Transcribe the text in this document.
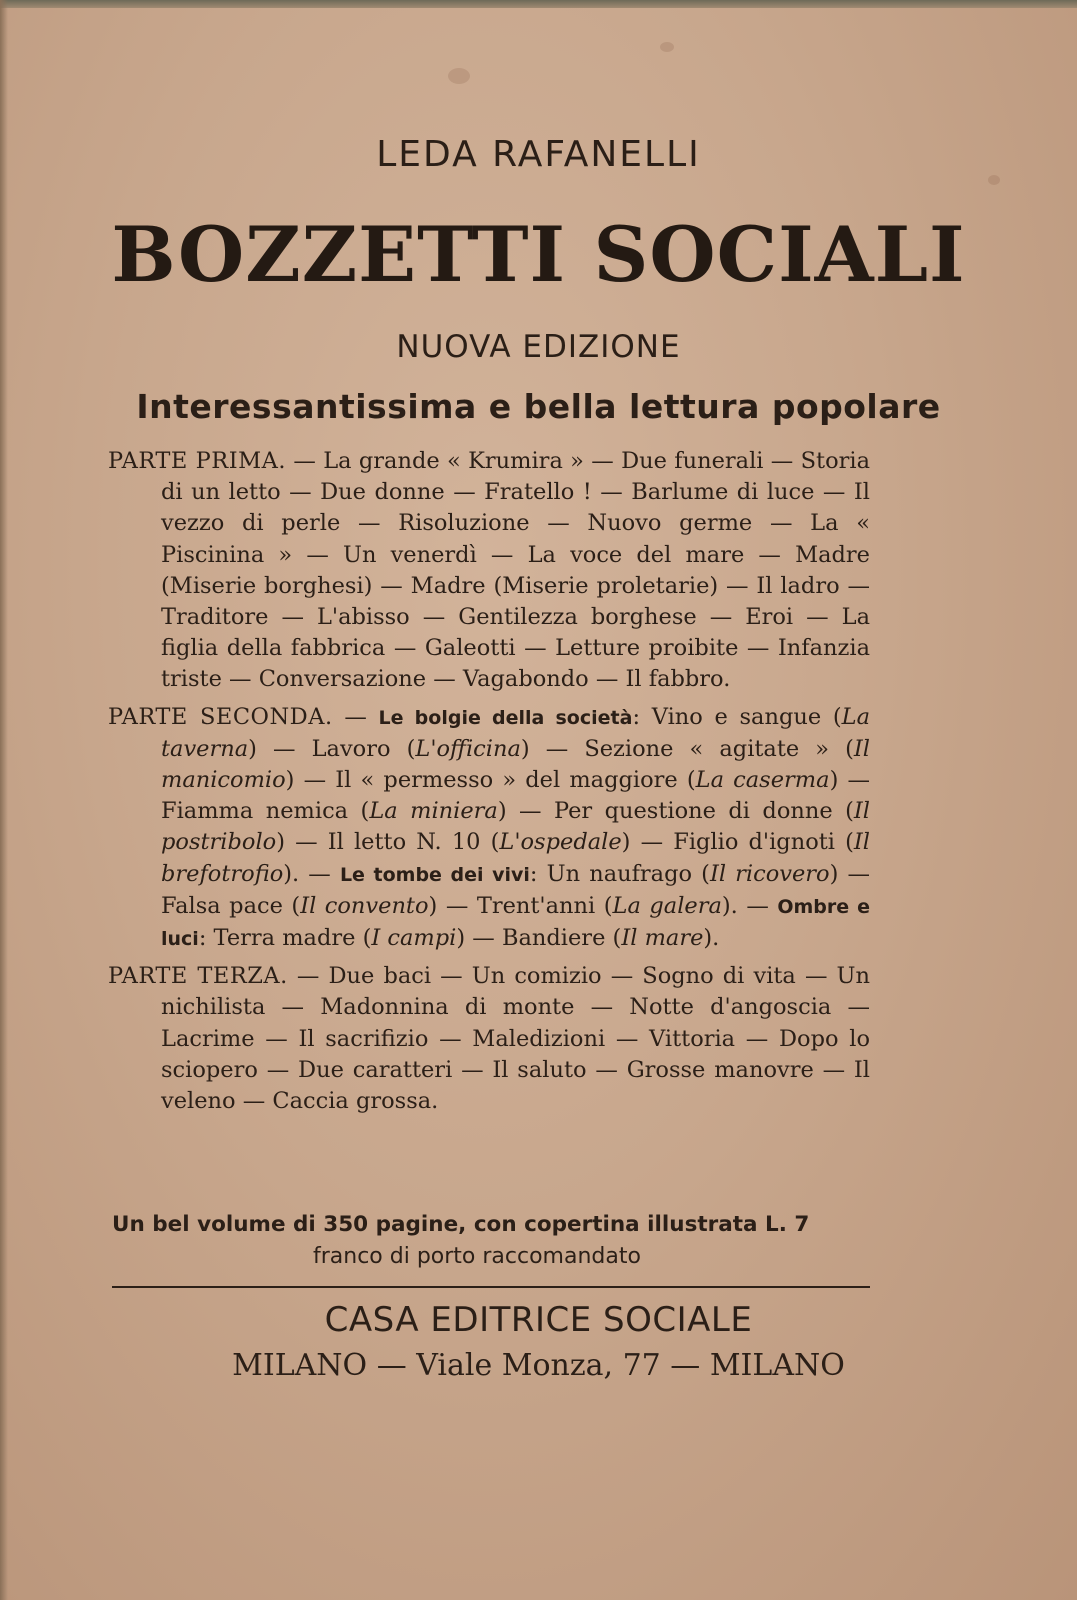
LEDA RAFANELLI
BOZZETTI SOCIALI
NUOVA EDIZIONE
Interessantissima e bella lettura popolare

PARTE PRIMA. — La grande « Krumira » — Due funerali — Storia di un letto — Due donne — Fratello ! — Barlume di luce — Il vezzo di perle — Risoluzione — Nuovo germe — La « Piscinina » — Un venerdì — La voce del mare — Madre (Miserie borghesi) — Madre (Miserie proletarie) — Il ladro — Traditore — L'abisso — Gentilezza borghese — Eroi — La figlia della fabbrica — Galeotti — Letture proibite — Infanzia triste — Conversazione — Vagabondo — Il fabbro.

PARTE SECONDA. — Le bolgie della società: Vino e sangue (La taverna) — Lavoro (L'officina) — Sezione « agitate » (Il manicomio) — Il « permesso » del maggiore (La caserma) — Fiamma nemica (La miniera) — Per questione di donne (Il postribolo) — Il letto N. 10 (L'ospedale) — Figlio d'ignoti (Il brefotrofio). — Le tombe dei vivi: Un naufrago (Il ricovero) — Falsa pace (Il convento) — Trent'anni (La galera). — Ombre e luci: Terra madre (I campi) — Bandiere (Il mare).

PARTE TERZA. — Due baci — Un comizio — Sogno di vita — Un nichilista — Madonnina di monte — Notte d'angoscia — Lacrime — Il sacrifizio — Maledizioni — Vittoria — Dopo lo sciopero — Due caratteri — Il saluto — Grosse manovre — Il veleno — Caccia grossa.

Un bel volume di 350 pagine, con copertina illustrata L. 7
franco di porto raccomandato
CASA EDITRICE SOCIALE
MILANO — Viale Monza, 77 — MILANO
